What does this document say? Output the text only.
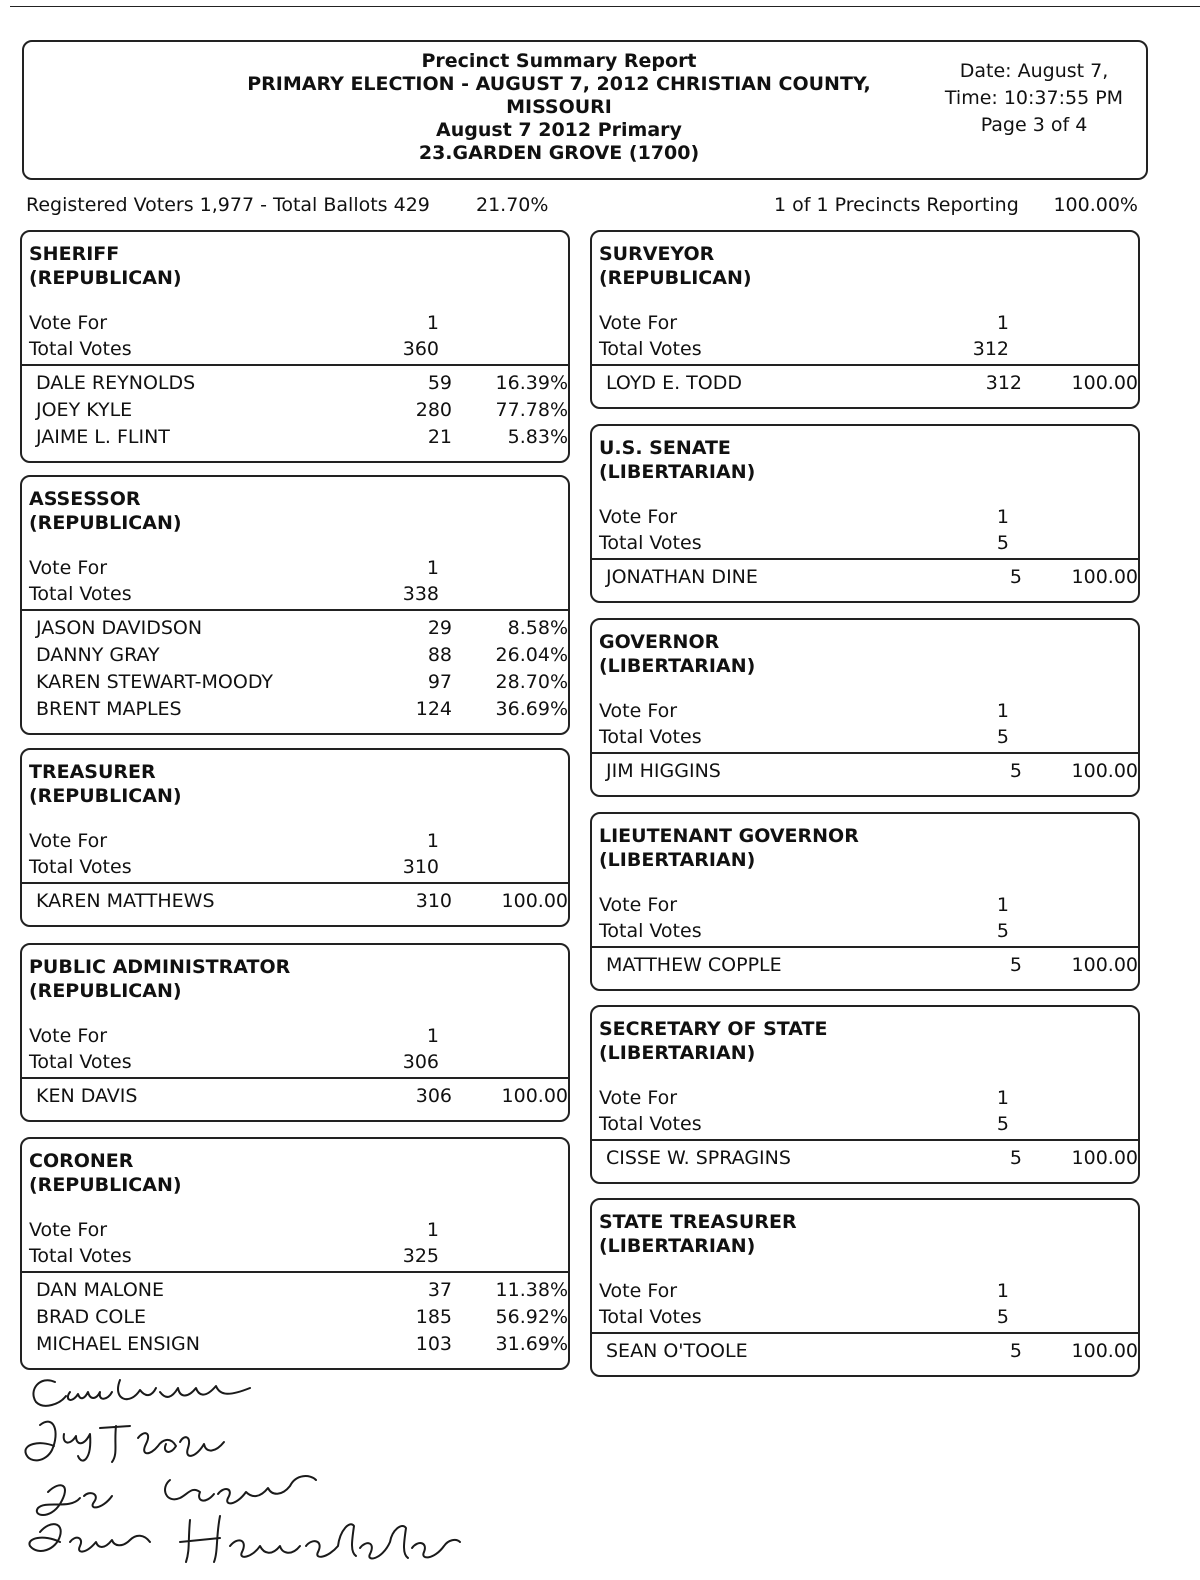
Precinct Summary Report
PRIMARY ELECTION - AUGUST 7, 2012 CHRISTIAN COUNTY,
MISSOURI
August 7 2012 Primary
23.GARDEN GROVE (1700)
Date: August 7,
Time: 10:37:55 PM
Page 3 of 4
Registered Voters 1,977 - Total Ballots 429 21.70%	1 of 1 Precincts Reporting 100.00%
SHERIFF
(REPUBLICAN)
Vote For	1
Total Votes	360
DALE REYNOLDS	59	16.39%
JOEY KYLE	280	77.78%
JAIME L. FLINT	21	5.83%
ASSESSOR
(REPUBLICAN)
Vote For	1
Total Votes	338
JASON DAVIDSON	29	8.58%
DANNY GRAY	88	26.04%
KAREN STEWART-MOODY	97	28.70%
BRENT MAPLES	124	36.69%
TREASURER
(REPUBLICAN)
Vote For	1
Total Votes	310
KAREN MATTHEWS	310	100.00
PUBLIC ADMINISTRATOR
(REPUBLICAN)
Vote For	1
Total Votes	306
KEN DAVIS	306	100.00
CORONER
(REPUBLICAN)
Vote For	1
Total Votes	325
DAN MALONE	37	11.38%
BRAD COLE	185	56.92%
MICHAEL ENSIGN	103	31.69%
SURVEYOR
(REPUBLICAN)
Vote For	1
Total Votes	312
LOYD E. TODD	312	100.00
U.S. SENATE
(LIBERTARIAN)
Vote For	1
Total Votes	5
JONATHAN DINE	5	100.00
GOVERNOR
(LIBERTARIAN)
Vote For	1
Total Votes	5
JIM HIGGINS	5	100.00
LIEUTENANT GOVERNOR
(LIBERTARIAN)
Vote For	1
Total Votes	5
MATTHEW COPPLE	5	100.00
SECRETARY OF STATE
(LIBERTARIAN)
Vote For	1
Total Votes	5
CISSE W. SPRAGINS	5	100.00
STATE TREASURER
(LIBERTARIAN)
Vote For	1
Total Votes	5
SEAN O'TOOLE	5	100.00
